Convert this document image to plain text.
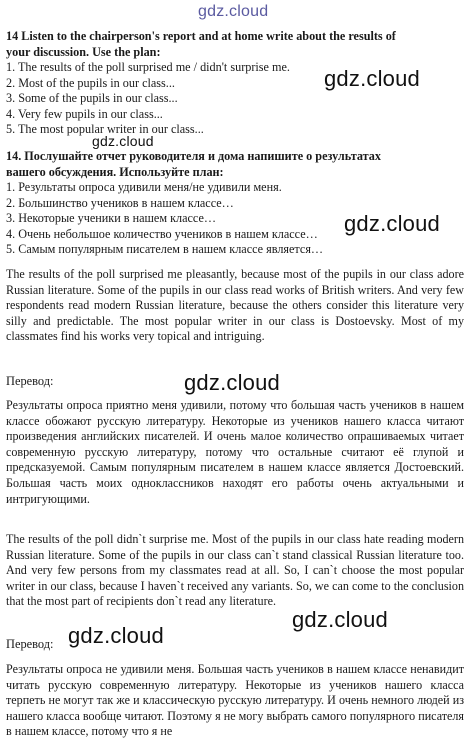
gdz.cloud
14 Listen to the chairperson's report and at home write about the results of
your discussion. Use the plan:
1. The results of the poll surprised me / didn't surprise me.
2. Most of the pupils in our class...
3. Some of the pupils in our class...
4. Very few pupils in our class...
5. The most popular writer in our class...
gdz.cloud
gdz.cloud
14. Послушайте отчет руководителя и дома напишите о результатах
вашего обсуждения. Используйте план:
1. Результаты опроса удивили меня/не удивили меня.
2. Большинство учеников в нашем классе…
3. Некоторые ученики в нашем классе…
4. Очень небольшое количество учеников в нашем классе…
5. Самым популярным писателем в нашем классе является…
gdz.cloud
The results of the poll surprised me pleasantly, because most of the pupils in our class adore Russian literature. Some of the pupils in our class read works of British writers. And very few respondents read modern Russian literature, because the others consider this literature very silly and predictable. The most popular writer in our class is Dostoevsky. Most of my classmates find his works very topical and intriguing.
Перевод:	gdz.cloud
Результаты опроса приятно меня удивили, потому что большая часть учеников в нашем классе обожают русскую литературу. Некоторые из учеников нашего класса читают произведения английских писателей. И очень малое количество опрашиваемых читает современную русскую литературу, потому что остальные считают её глупой и предсказуемой. Самым популярным писателем в нашем классе является Достоевский. Большая часть моих одноклассников находят его работы очень актуальными и интригующими.
The results of the poll didn`t surprise me. Most of the pupils in our class hate reading modern Russian literature. Some of the pupils in our class can`t stand classical Russian literature too. And very few persons from my classmates read at all. So, I can`t choose the most popular writer in our class, because I haven`t received any variants. So, we can come to the conclusion that the most part of recipients don`t read any literature.
Перевод: gdz.cloud
gdz.cloud
Результаты опроса не удивили меня. Большая часть учеников в нашем классе ненавидит читать русскую современную литературу. Некоторые из учеников нашего класса терпеть не могут так же и классическую русскую литературу. И очень немного людей из нашего класса вообще читают. Поэтому я не могу выбрать самого популярного писателя в нашем классе, потому что я не
